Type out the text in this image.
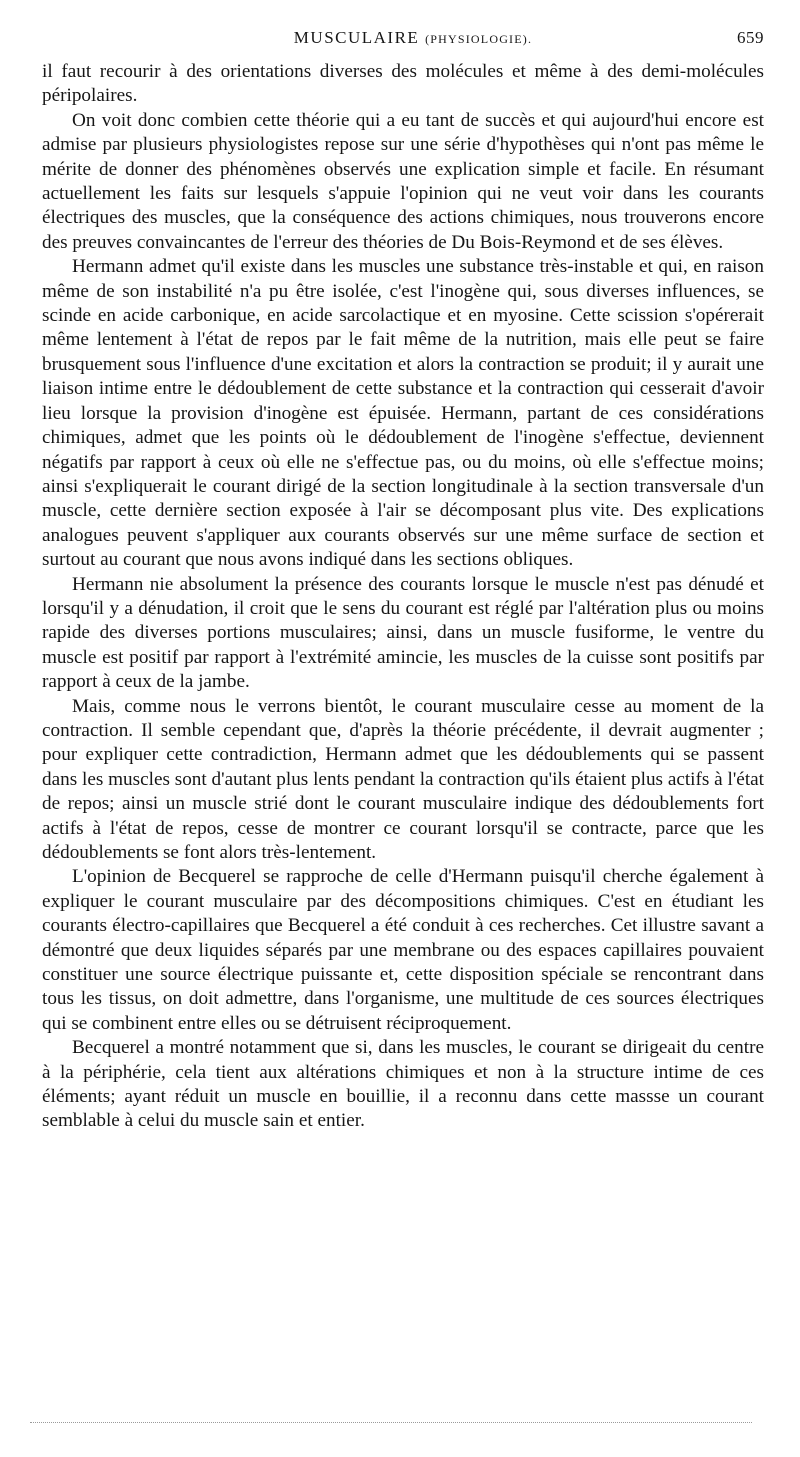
MUSCULAIRE (PHYSIOLOGIE).	659

il faut recourir à des orientations diverses des molécules et même à des demi-molécules péripolaires.

On voit donc combien cette théorie qui a eu tant de succès et qui aujourd'hui encore est admise par plusieurs physiologistes repose sur une série d'hypothèses qui n'ont pas même le mérite de donner des phénomènes observés une explication simple et facile. En résumant actuellement les faits sur lesquels s'appuie l'opinion qui ne veut voir dans les courants électriques des muscles, que la conséquence des actions chimiques, nous trouverons encore des preuves convaincantes de l'erreur des théories de Du Bois-Reymond et de ses élèves.

Hermann admet qu'il existe dans les muscles une substance très-instable et qui, en raison même de son instabilité n'a pu être isolée, c'est l'inogène qui, sous diverses influences, se scinde en acide carbonique, en acide sarcolactique et en myosine. Cette scission s'opérerait même lentement à l'état de repos par le fait même de la nutrition, mais elle peut se faire brusquement sous l'influence d'une excitation et alors la contraction se produit; il y aurait une liaison intime entre le dédoublement de cette substance et la contraction qui cesserait d'avoir lieu lorsque la provision d'inogène est épuisée. Hermann, partant de ces considérations chimiques, admet que les points où le dédoublement de l'inogène s'effectue, deviennent négatifs par rapport à ceux où elle ne s'effectue pas, ou du moins, où elle s'effectue moins; ainsi s'expliquerait le courant dirigé de la section longitudinale à la section transversale d'un muscle, cette dernière section exposée à l'air se décomposant plus vite. Des explications analogues peuvent s'appliquer aux courants observés sur une même surface de section et surtout au courant que nous avons indiqué dans les sections obliques.

Hermann nie absolument la présence des courants lorsque le muscle n'est pas dénudé et lorsqu'il y a dénudation, il croit que le sens du courant est réglé par l'altération plus ou moins rapide des diverses portions musculaires; ainsi, dans un muscle fusiforme, le ventre du muscle est positif par rapport à l'extrémité amincie, les muscles de la cuisse sont positifs par rapport à ceux de la jambe.

Mais, comme nous le verrons bientôt, le courant musculaire cesse au moment de la contraction. Il semble cependant que, d'après la théorie précédente, il devrait augmenter ; pour expliquer cette contradiction, Hermann admet que les dédoublements qui se passent dans les muscles sont d'autant plus lents pendant la contraction qu'ils étaient plus actifs à l'état de repos; ainsi un muscle strié dont le courant musculaire indique des dédoublements fort actifs à l'état de repos, cesse de montrer ce courant lorsqu'il se contracte, parce que les dédoublements se font alors très-lentement.

L'opinion de Becquerel se rapproche de celle d'Hermann puisqu'il cherche également à expliquer le courant musculaire par des décompositions chimiques. C'est en étudiant les courants électro-capillaires que Becquerel a été conduit à ces recherches. Cet illustre savant a démontré que deux liquides séparés par une membrane ou des espaces capillaires pouvaient constituer une source électrique puissante et, cette disposition spéciale se rencontrant dans tous les tissus, on doit admettre, dans l'organisme, une multitude de ces sources électriques qui se combinent entre elles ou se détruisent réciproquement.

Becquerel a montré notamment que si, dans les muscles, le courant se dirigeait du centre à la périphérie, cela tient aux altérations chimiques et non à la structure intime de ces éléments; ayant réduit un muscle en bouillie, il a reconnu dans cette massse un courant semblable à celui du muscle sain et entier.
